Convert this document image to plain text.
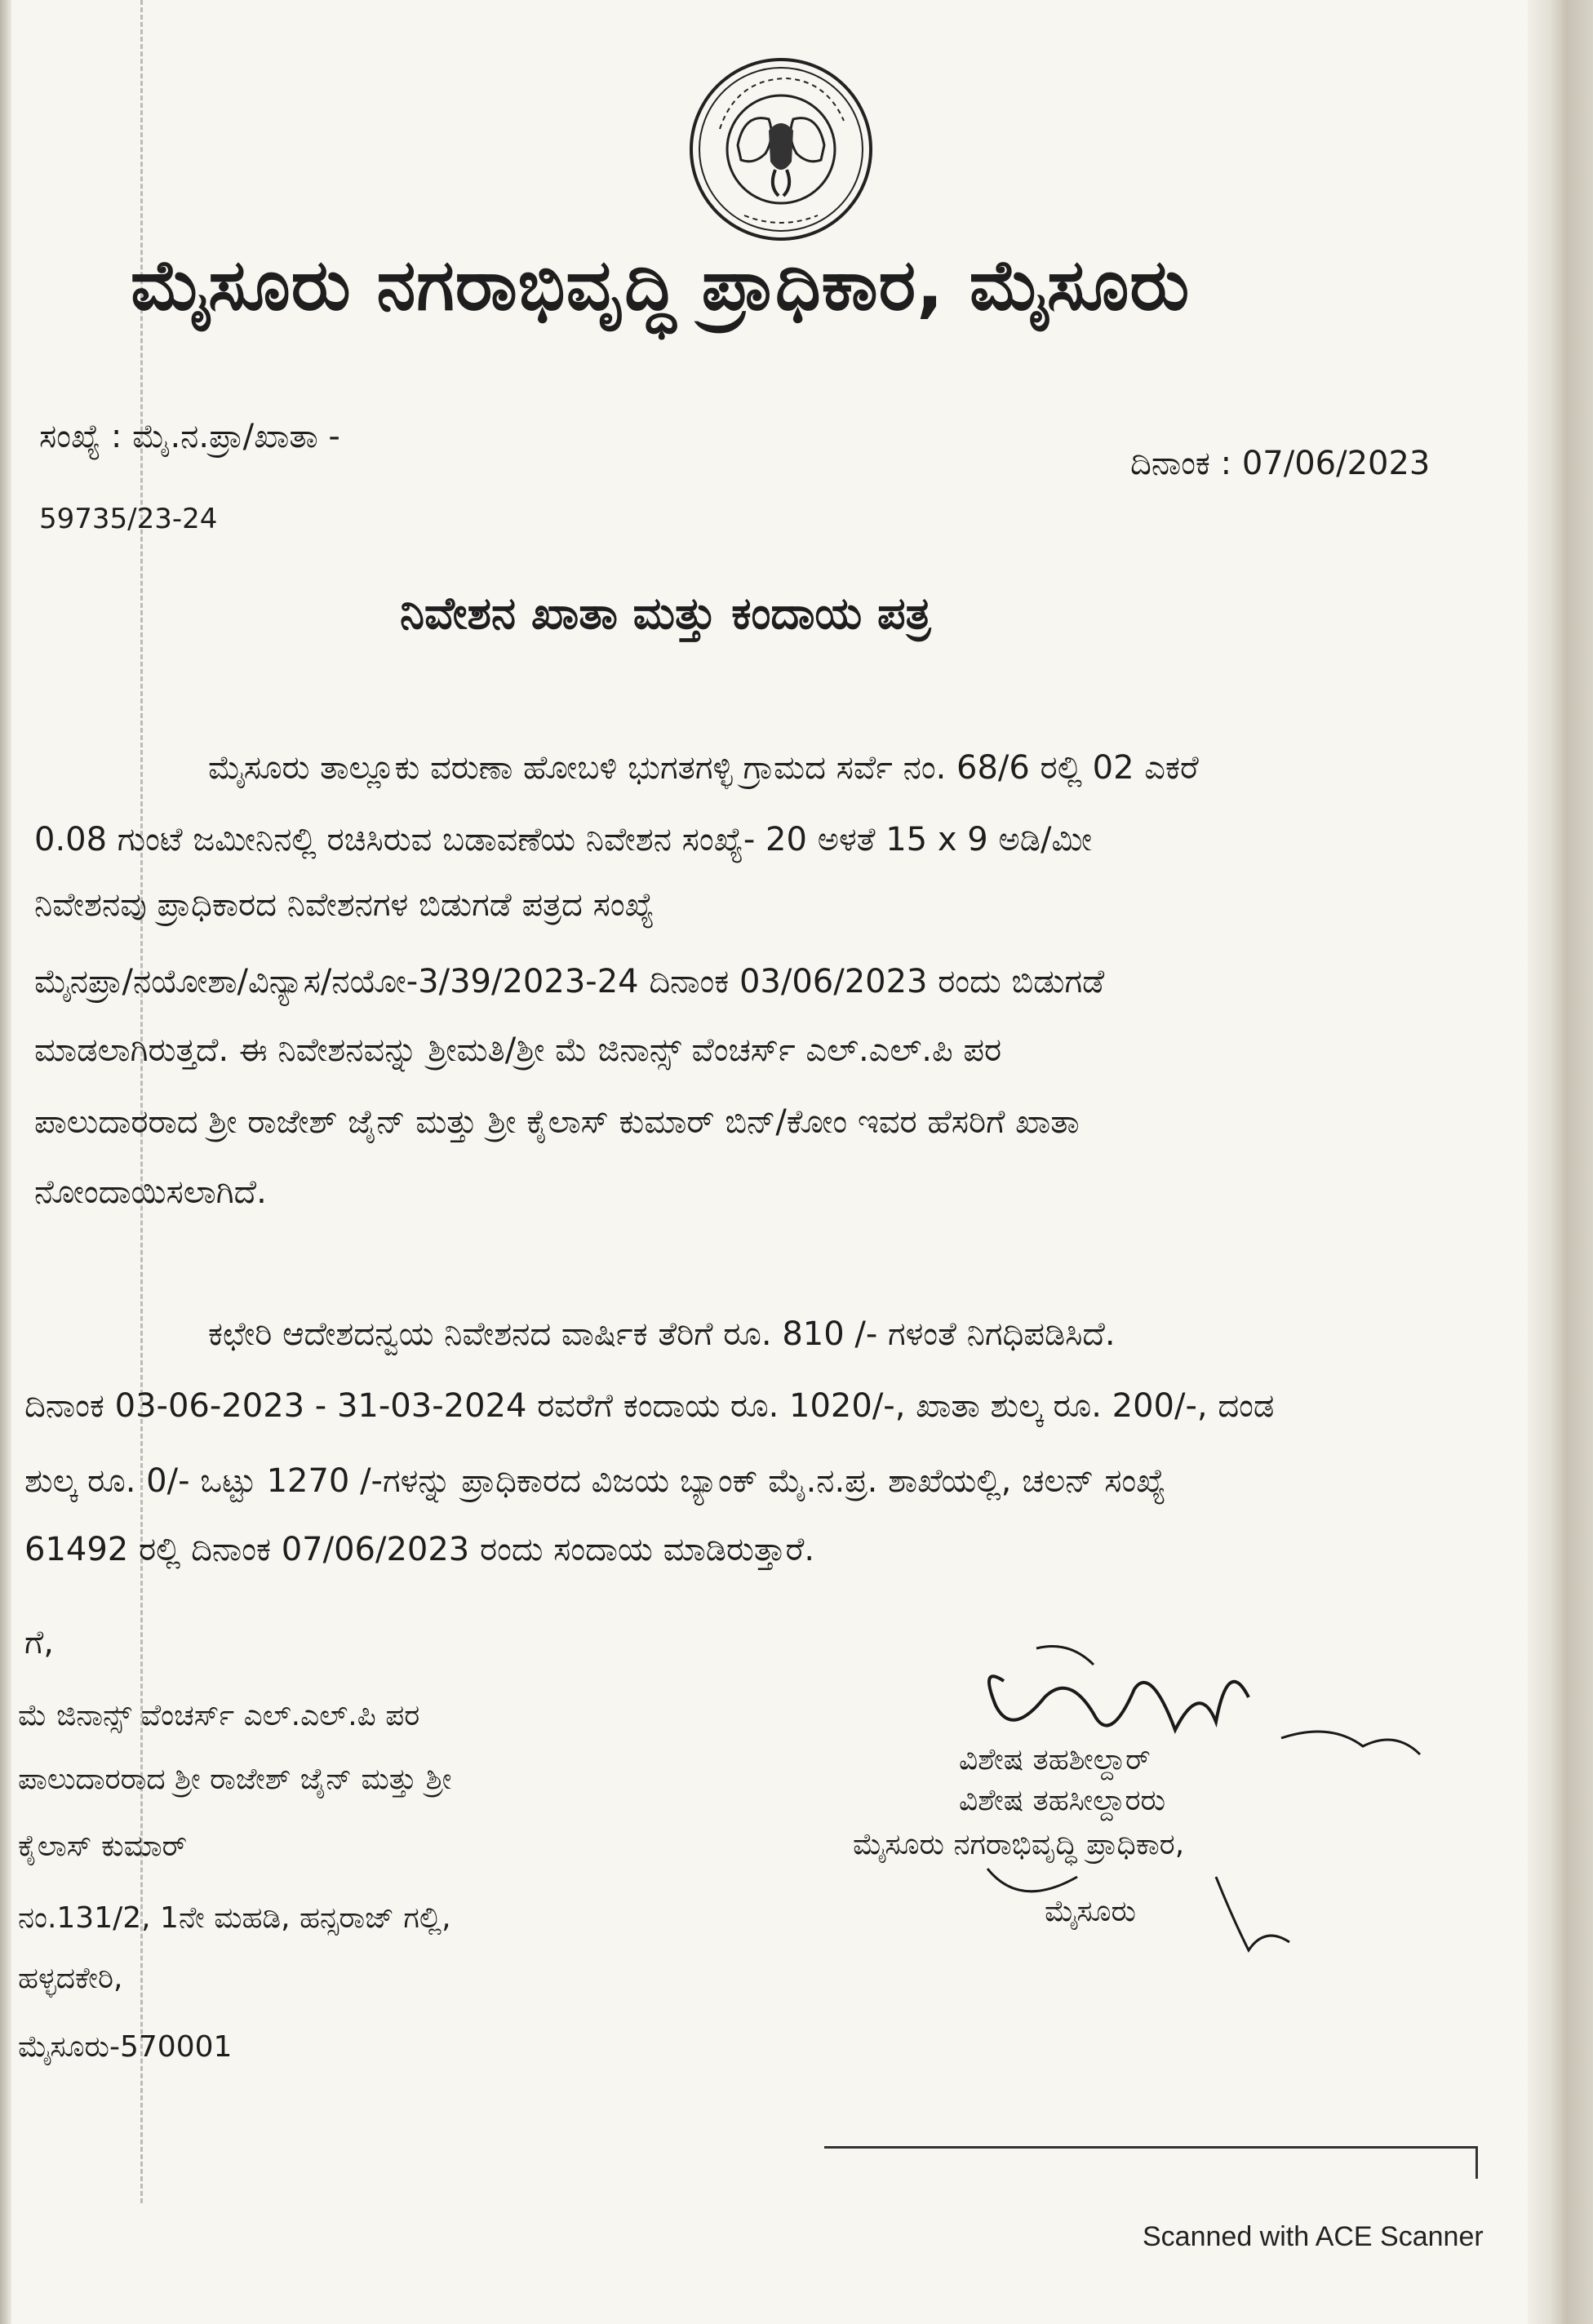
ಮೈಸೂರು ನಗರಾಭಿವೃದ್ಧಿ ಪ್ರಾಧಿಕಾರ, ಮೈಸೂರು
ಸಂಖ್ಯೆ : ಮೈ.ನ.ಪ್ರಾ/ಖಾತಾ -
59735/23-24
ದಿನಾಂಕ : 07/06/2023
ನಿವೇಶನ ಖಾತಾ ಮತ್ತು ಕಂದಾಯ ಪತ್ರ
ಮೈಸೂರು ತಾಲ್ಲೂಕು ವರುಣಾ ಹೋಬಳಿ ಭುಗತಗಳ್ಳಿ ಗ್ರಾಮದ ಸರ್ವೆ ನಂ. 68/6 ರಲ್ಲಿ 02 ಎಕರೆ
0.08 ಗುಂಟೆ ಜಮೀನಿನಲ್ಲಿ ರಚಿಸಿರುವ ಬಡಾವಣೆಯ ನಿವೇಶನ ಸಂಖ್ಯೆ- 20 ಅಳತೆ 15 x 9 ಅಡಿ/ಮೀ
ನಿವೇಶನವು ಪ್ರಾಧಿಕಾರದ ನಿವೇಶನಗಳ ಬಿಡುಗಡೆ ಪತ್ರದ ಸಂಖ್ಯೆ
ಮೈನಪ್ರಾ/ನಯೋಶಾ/ವಿನ್ಯಾಸ/ನಯೋ-3/39/2023-24 ದಿನಾಂಕ 03/06/2023 ರಂದು ಬಿಡುಗಡೆ
ಮಾಡಲಾಗಿರುತ್ತದೆ. ಈ ನಿವೇಶನವನ್ನು ಶ್ರೀಮತಿ/ಶ್ರೀ ಮೆ ಜಿನಾನ್ಸ್ ವೆಂಚರ್ಸ್ ಎಲ್.ಎಲ್.ಪಿ ಪರ
ಪಾಲುದಾರರಾದ ಶ್ರೀ ರಾಜೇಶ್ ಜೈನ್ ಮತ್ತು ಶ್ರೀ ಕೈಲಾಸ್ ಕುಮಾರ್ ಬಿನ್/ಕೋಂ ಇವರ ಹೆಸರಿಗೆ ಖಾತಾ
ನೋಂದಾಯಿಸಲಾಗಿದೆ.
ಕಛೇರಿ ಆದೇಶದನ್ವಯ ನಿವೇಶನದ ವಾರ್ಷಿಕ ತೆರಿಗೆ ರೂ. 810 /- ಗಳಂತೆ ನಿಗಧಿಪಡಿಸಿದೆ.
ದಿನಾಂಕ 03-06-2023 - 31-03-2024 ರವರೆಗೆ ಕಂದಾಯ ರೂ. 1020/-, ಖಾತಾ ಶುಲ್ಕ ರೂ. 200/-, ದಂಡ
ಶುಲ್ಕ ರೂ. 0/- ಒಟ್ಟು 1270 /-ಗಳನ್ನು ಪ್ರಾಧಿಕಾರದ ವಿಜಯ ಬ್ಯಾಂಕ್ ಮೈ.ನ.ಪ್ರ. ಶಾಖೆಯಲ್ಲಿ, ಚಲನ್ ಸಂಖ್ಯೆ
61492 ರಲ್ಲಿ ದಿನಾಂಕ 07/06/2023 ರಂದು ಸಂದಾಯ ಮಾಡಿರುತ್ತಾರೆ.
ಗೆ,
ಮೆ ಜಿನಾನ್ಸ್ ವೆಂಚರ್ಸ್ ಎಲ್.ಎಲ್.ಪಿ ಪರ
ಪಾಲುದಾರರಾದ ಶ್ರೀ ರಾಜೇಶ್ ಜೈನ್ ಮತ್ತು ಶ್ರೀ
ಕೈಲಾಸ್ ಕುಮಾರ್
ನಂ.131/2, 1ನೇ ಮಹಡಿ, ಹನ್ಸರಾಜ್ ಗಲ್ಲಿ,
ಹಳ್ಳದಕೇರಿ,
ಮೈಸೂರು-570001
ವಿಶೇಷ ತಹಶೀಲ್ದಾರ್
ವಿಶೇಷ ತಹಸೀಲ್ದಾರರು
ಮೈಸೂರು ನಗರಾಭಿವೃದ್ಧಿ ಪ್ರಾಧಿಕಾರ,
ಮೈಸೂರು
Scanned with ACE Scanner
